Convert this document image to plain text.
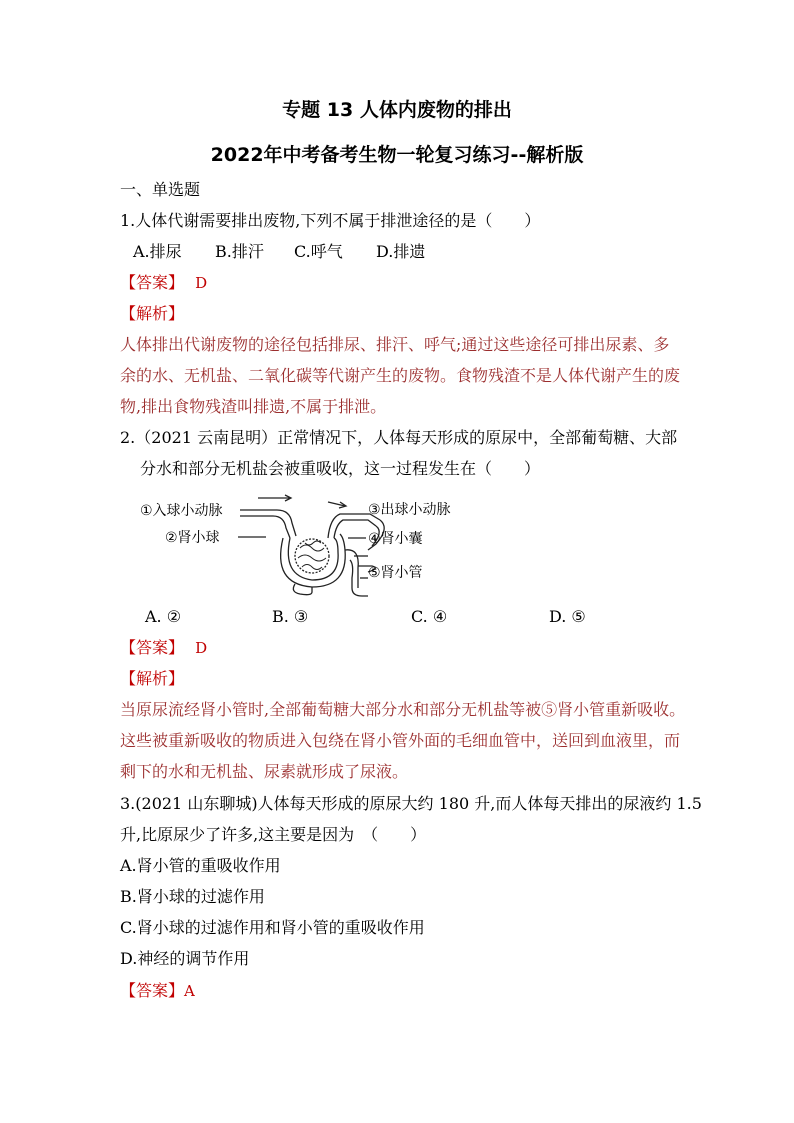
专题 13 人体内废物的排出
2022年中考备考生物一轮复习练习--解析版
一、单选题
1.人体代谢需要排出废物,下列不属于排泄途径的是（　　）
A.排尿 B.排汗 C.呼气 D.排遗
【答案】 D
【解析】
人体排出代谢废物的途径包括排尿、排汗、呼气;通过这些途径可排出尿素、多
余的水、无机盐、二氧化碳等代谢产生的废物。食物残渣不是人体代谢产生的废
物,排出食物残渣叫排遗,不属于排泄。
2.（2021 云南昆明）正常情况下，人体每天形成的原尿中，全部葡萄糖、大部
分水和部分无机盐会被重吸收，这一过程发生在（　　）
①入球小动脉
②肾小球
③出球小动脉
④肾小囊
⑤肾小管
A. ②	B. ③	C. ④	D. ⑤
【答案】 D
【解析】
当原尿流经肾小管时,全部葡萄糖大部分水和部分无机盐等被⑤肾小管重新吸收。
这些被重新吸收的物质进入包绕在肾小管外面的毛细血管中，送回到血液里，而
剩下的水和无机盐、尿素就形成了尿液。
3.(2021 山东聊城)人体每天形成的原尿大约 180 升,而人体每天排出的尿液约 1.5
升,比原尿少了许多,这主要是因为　（　　）
A.肾小管的重吸收作用
B.肾小球的过滤作用
C.肾小球的过滤作用和肾小管的重吸收作用
D.神经的调节作用
【答案】A
